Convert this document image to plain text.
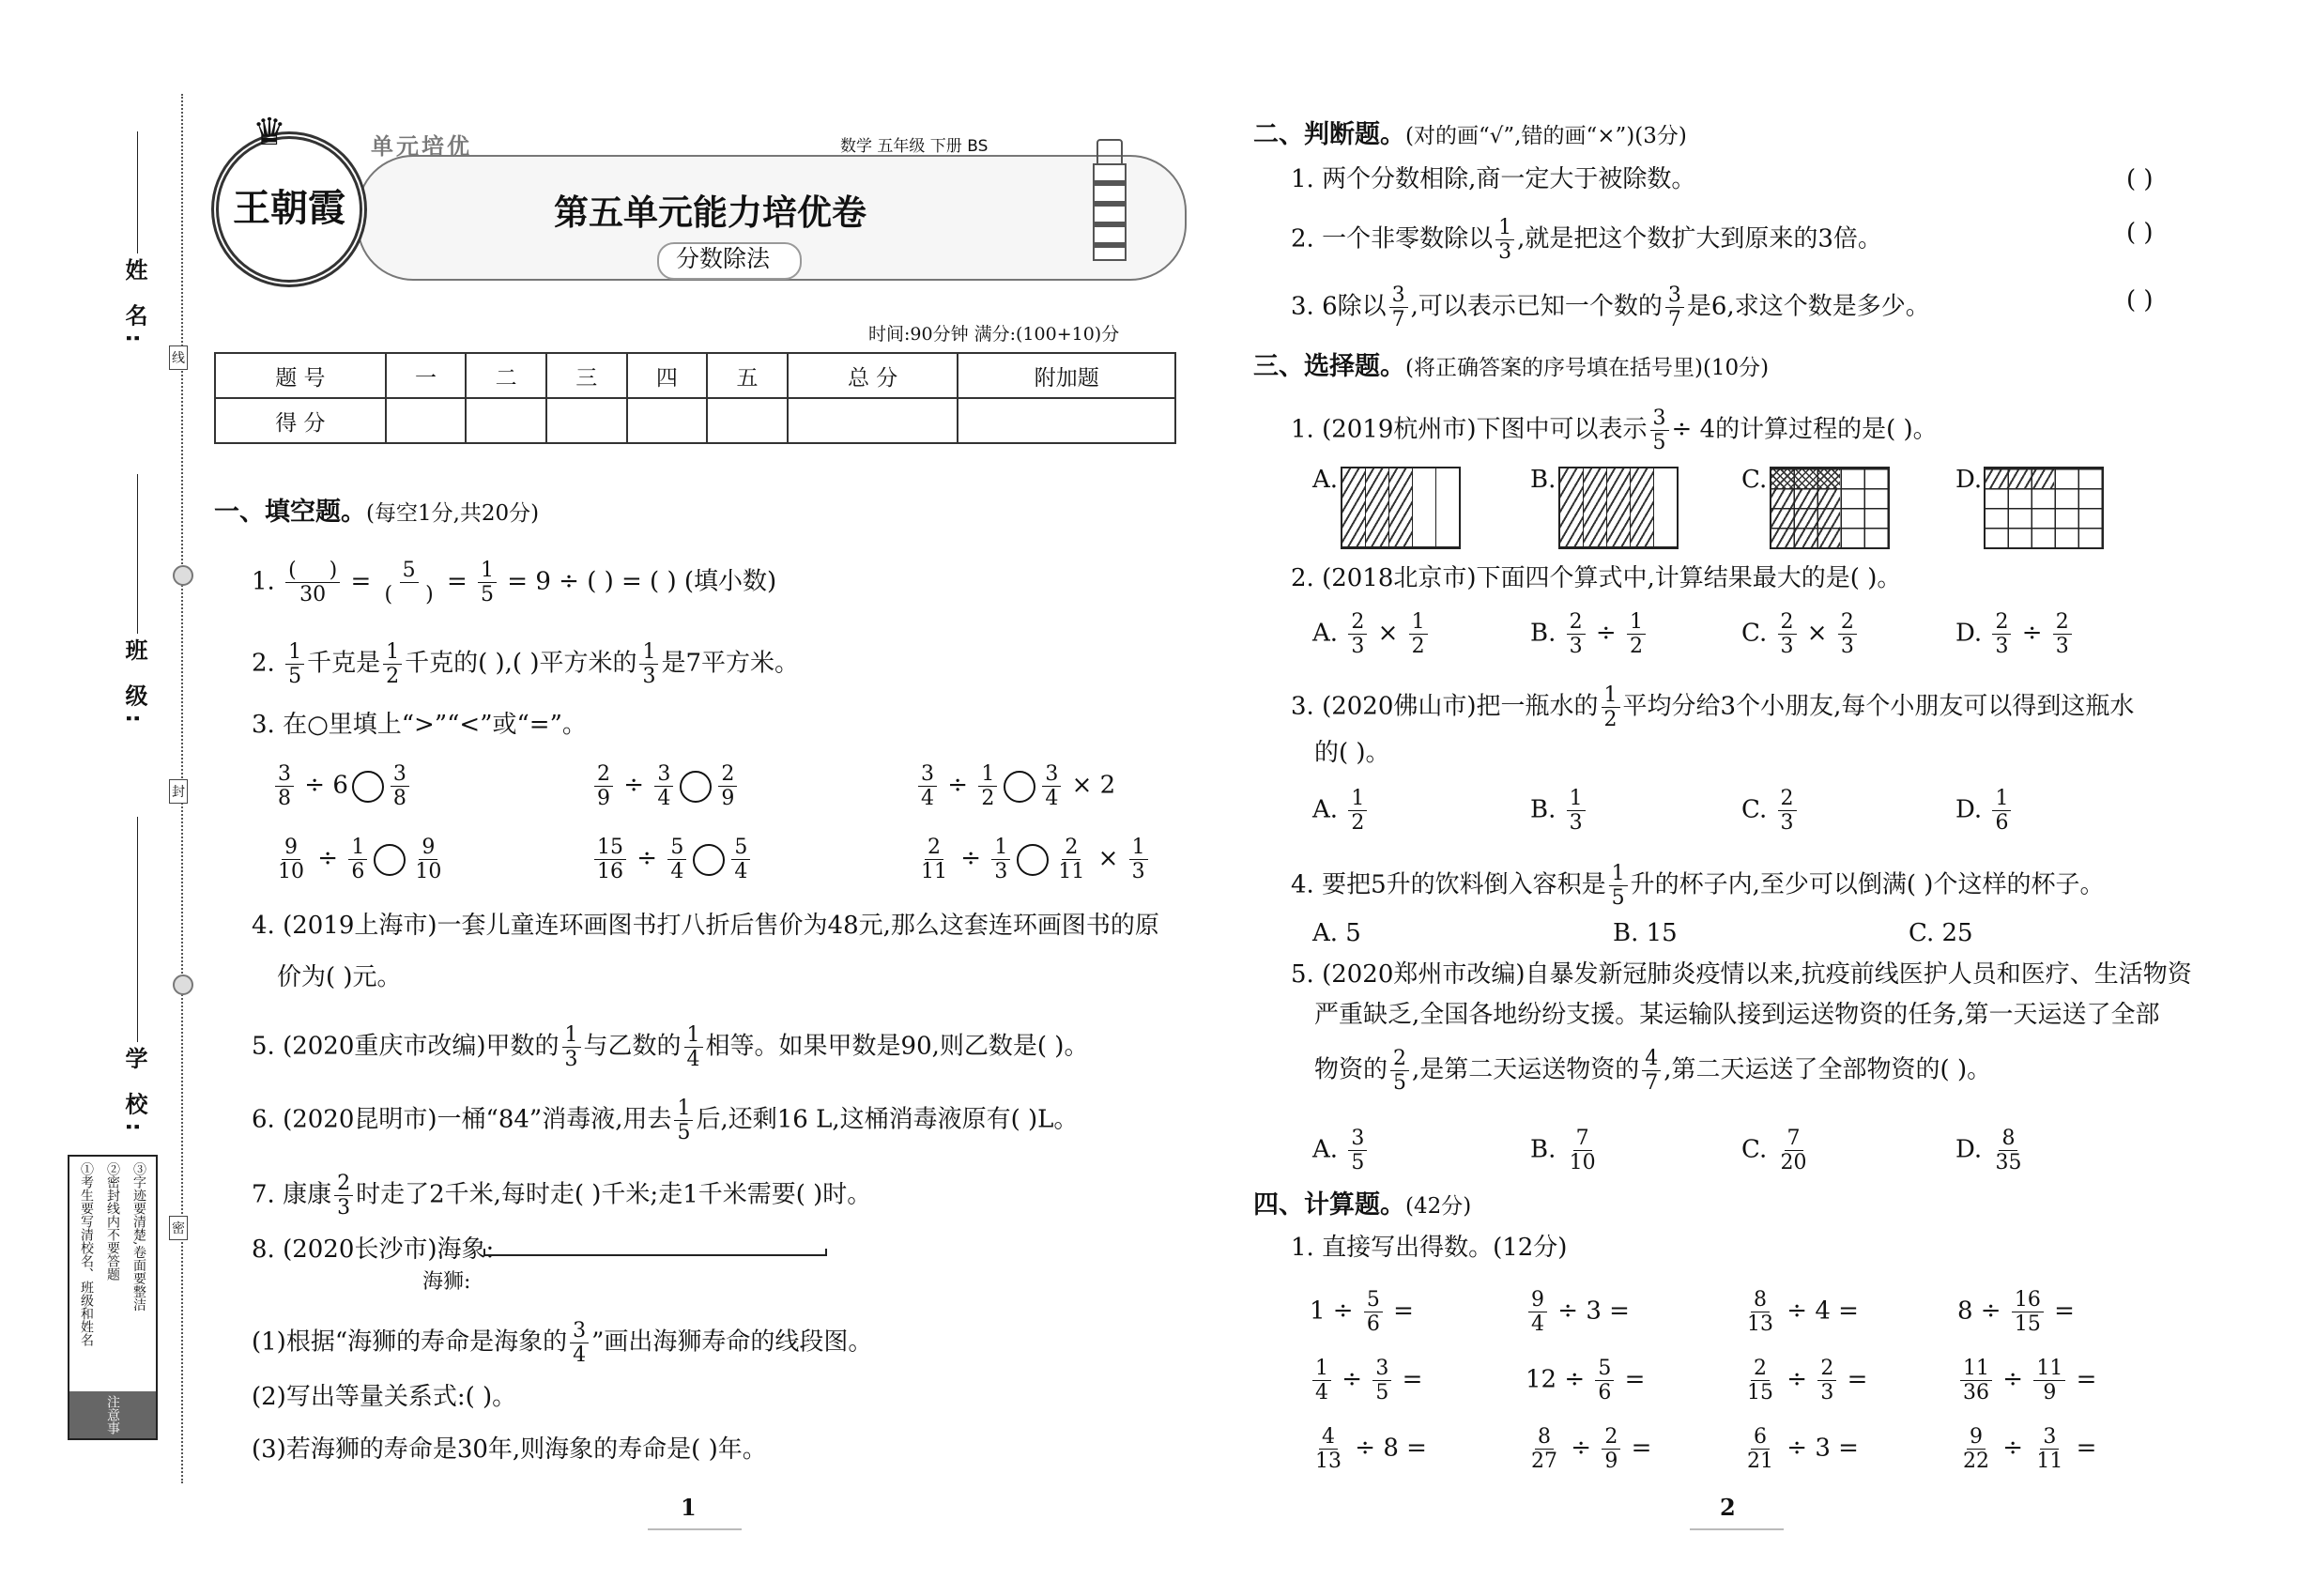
姓 名:
班 级:
学 校:
线
封
密
注意事项
①考生要写清校名、班级和姓名 ②密封线内不要答题 ③字迹要清楚,卷面要整洁
♛
王朝霞
单元培优	数学 五年级 下册 BS
第五单元能力培优卷
分数除法
时间:90分钟 满分:(100+10)分
题 号	一	二	三	四	五	总 分	附加题
得 分							
一、填空题。(每空1分,共20分)
1. $\frac{( )}{30} = \frac{5}{( )} = \frac{1}{5} = 9$ ÷ ( ) = ( ) (填小数)
2. $\frac{1}{5}$ 千克是 $\frac{1}{2}$ 千克的( ),( )平方米的 $\frac{1}{3}$ 是7平方米。
3. 在○里填上“>”“<”或“=”。
$\frac{3}{8} \div 6 \frac{3}{8}$	$\frac{2}{9} \div \frac{3}{4} \frac{2}{9}$	$\frac{3}{4} \div \frac{1}{2} \frac{3}{4} \times 2$
$\frac{9}{10} \div \frac{1}{6} \frac{9}{10}$	$\frac{15}{16} \div \frac{5}{4} \frac{5}{4}$	$\frac{2}{11} \div \frac{1}{3} \frac{2}{11} \times \frac{1}{3}$
4. (2019上海市)一套儿童连环画图书打八折后售价为48元,那么这套连环画图书的原
价为( )元。
5. (2020重庆市改编)甲数的 $\frac{1}{3}$ 与乙数的 $\frac{1}{4}$ 相等。如果甲数是90,则乙数是( )。
6. (2020昆明市)一桶“84”消毒液,用去 $\frac{1}{5}$ 后,还剩16 L,这桶消毒液原有( )L。
7. 康康 $\frac{2}{3}$ 时走了2千米,每时走( )千米;走1千米需要( )时。
8. (2020长沙市)海象:
海狮:
(1)根据“海狮的寿命是海象的 $\frac{3}{4}$ ”画出海狮寿命的线段图。
(2)写出等量关系式:( )。
(3)若海狮的寿命是30年,则海象的寿命是( )年。
1
二、判断题。(对的画“√”,错的画“×”)(3分)
1. 两个分数相除,商一定大于被除数。	( )
2. 一个非零数除以 $\frac{1}{3}$ ,就是把这个数扩大到原来的3倍。	( )
3. 6除以 $\frac{3}{7}$ ,可以表示已知一个数的 $\frac{3}{7}$ 是6,求这个数是多少。	( )
三、选择题。(将正确答案的序号填在括号里)(10分)
1. (2019杭州市)下图中可以表示 $\frac{3}{5} \div 4$的计算过程的是( )。
A.	B.	C.	D.
2. (2018北京市)下面四个算式中,计算结果最大的是( )。
A. $\frac{2}{3} \times \frac{1}{2}$	B. $\frac{2}{3} \div \frac{1}{2}$	C. $\frac{2}{3} \times \frac{2}{3}$	D. $\frac{2}{3} \div \frac{2}{3}$
3. (2020佛山市)把一瓶水的 $\frac{1}{2}$ 平均分给3个小朋友,每个小朋友可以得到这瓶水
的( )。
A. $\frac{1}{2}$	B. $\frac{1}{3}$	C. $\frac{2}{3}$	D. $\frac{1}{6}$
4. 要把5升的饮料倒入容积是 $\frac{1}{5}$ 升的杯子内,至少可以倒满( )个这样的杯子。
A. 5	B. 15	C. 25
5. (2020郑州市改编)自暴发新冠肺炎疫情以来,抗疫前线医护人员和医疗、生活物资
严重缺乏,全国各地纷纷支援。某运输队接到运送物资的任务,第一天运送了全部
物资的 $\frac{2}{5}$ ,是第二天运送物资的 $\frac{4}{7}$ ,第二天运送了全部物资的( )。
A. $\frac{3}{5}$	B. $\frac{7}{10}$	C. $\frac{7}{20}$	D. $\frac{8}{35}$
四、计算题。(42分)
1. 直接写出得数。(12分)
$1 \div \frac{5}{6}$ =	$\frac{9}{4} \div 3$ =	$\frac{8}{13} \div 4$ =	$8 \div \frac{16}{15}$ =
$\frac{1}{4} \div \frac{3}{5}$ =	$12 \div \frac{5}{6}$ =	$\frac{2}{15} \div \frac{2}{3}$ =	$\frac{11}{36} \div \frac{11}{9}$ =
$\frac{4}{13} \div 8$ =	$\frac{8}{27} \div \frac{2}{9}$ =	$\frac{6}{21} \div 3$ =	$\frac{9}{22} \div \frac{3}{11}$ =
2
